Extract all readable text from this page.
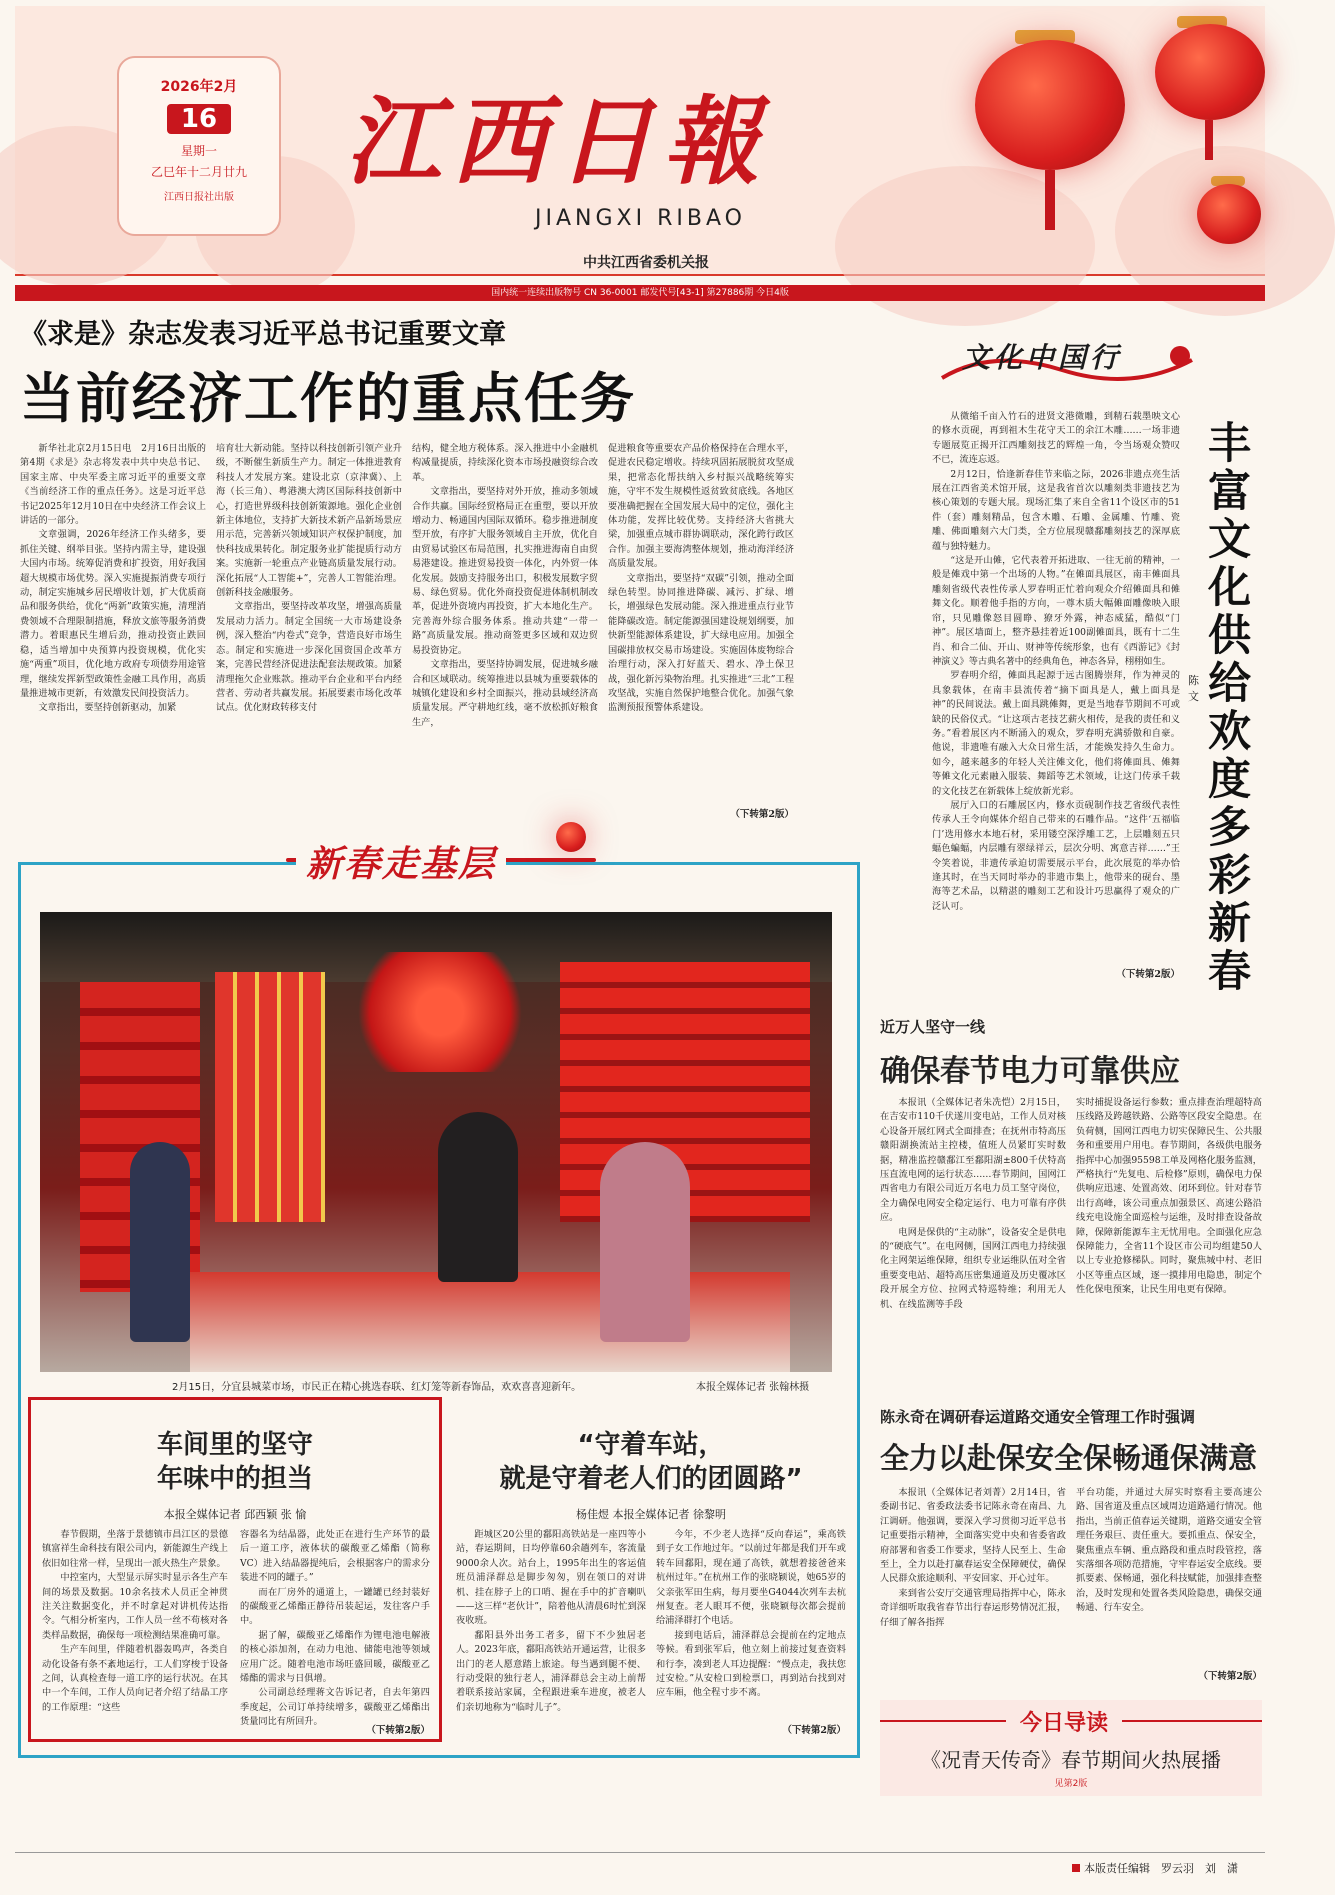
2026年2月
16
星期一
乙巳年十二月廿九
江西日报社出版	江西日報
JIANGXI RIBAO
中共江西省委机关报
国内统一连续出版物号 CN 36-0001 邮发代号[43-1] 第27886期 今日4版
《求是》杂志发表习近平总书记重要文章
当前经济工作的重点任务

新华社北京2月15日电　2月16日出版的第4期《求是》杂志将发表中共中央总书记、国家主席、中央军委主席习近平的重要文章《当前经济工作的重点任务》。这是习近平总书记2025年12月10日在中央经济工作会议上讲话的一部分。

文章强调，2026年经济工作头绪多，要抓住关键、纲举目张。坚持内需主导，建设强大国内市场。统筹促消费和扩投资，用好我国超大规模市场优势。深入实施提振消费专项行动，制定实施城乡居民增收计划，扩大优质商品和服务供给，优化“两新”政策实施，清理消费领域不合理限制措施，释放文旅等服务消费潜力。着眼惠民生增后劲，推动投资止跌回稳，适当增加中央预算内投资规模，优化实施“两重”项目，优化地方政府专项债券用途管理，继续发挥新型政策性金融工具作用，高质量推进城市更新，有效激发民间投资活力。

文章指出，要坚持创新驱动，加紧

培育壮大新动能。坚持以科技创新引领产业升级，不断催生新质生产力。制定一体推进教育科技人才发展方案。建设北京（京津冀）、上海（长三角）、粤港澳大湾区国际科技创新中心，打造世界级科技创新策源地。强化企业创新主体地位，支持扩大新技术新产品新场景应用示范，完善新兴领域知识产权保护制度，加快科技成果转化。制定服务业扩能提质行动方案。实施新一轮重点产业链高质量发展行动。深化拓展“人工智能+”，完善人工智能治理。创新科技金融服务。

文章指出，要坚持改革攻坚，增强高质量发展动力活力。制定全国统一大市场建设条例，深入整治“内卷式”竞争，营造良好市场生态。制定和实施进一步深化国资国企改革方案，完善民营经济促进法配套法规政策。加紧清理拖欠企业账款。推动平台企业和平台内经营者、劳动者共赢发展。拓展要素市场化改革试点。优化财政转移支付

结构，健全地方税体系。深入推进中小金融机构减量提质，持续深化资本市场投融资综合改革。

文章指出，要坚持对外开放，推动多领域合作共赢。国际经贸格局正在重塑，要以开放增动力、畅通国内国际双循环。稳步推进制度型开放，有序扩大服务领域自主开放，优化自由贸易试验区布局范围，扎实推进海南自由贸易港建设。推进贸易投资一体化，内外贸一体化发展。鼓励支持服务出口，积极发展数字贸易、绿色贸易。优化外商投资促进体制机制改革，促进外资境内再投资，扩大本地化生产。完善海外综合服务体系。推动共建“一带一路”高质量发展。推动商签更多区域和双边贸易投资协定。

文章指出，要坚持协调发展，促进城乡融合和区域联动。统筹推进以县城为重要载体的城镇化建设和乡村全面振兴，推动县域经济高质量发展。严守耕地红线，毫不放松抓好粮食生产，

促进粮食等重要农产品价格保持在合理水平，促进农民稳定增收。持续巩固拓展脱贫攻坚成果，把常态化帮扶纳入乡村振兴战略统筹实施，守牢不发生规模性返贫致贫底线。各地区要准确把握在全国发展大局中的定位，强化主体功能，发挥比较优势。支持经济大省挑大梁，加强重点城市群协调联动，深化跨行政区合作。加强主要海湾整体规划，推动海洋经济高质量发展。

文章指出，要坚持“双碳”引领，推动全面绿色转型。协同推进降碳、减污、扩绿、增长，增强绿色发展动能。深入推进重点行业节能降碳改造。制定能源强国建设规划纲要，加快新型能源体系建设，扩大绿电应用。加强全国碳排放权交易市场建设。实施固体废物综合治理行动，深入打好蓝天、碧水、净土保卫战，强化新污染物治理。扎实推进“三北”工程攻坚战，实施自然保护地整合优化。加强气象监测预报预警体系建设。

（下转第2版）
文化中国行

从微缩千亩入竹石的进贤文港微雕，到精石载墨映文心的修水贡砚，再到祖木生花守天工的余江木雕……一场非遗专题展览正揭开江西雕刻技艺的辉煌一角，令当场观众赞叹不已，流连忘返。

2月12日，恰逢新春佳节来临之际，2026非遗点亮生活展在江西省美术馆开展，这是我省首次以雕刻类非遗技艺为核心策划的专题大展。现场汇集了来自全省11个设区市的51件（套）雕刻精品，包含木雕、石雕、金属雕、竹雕、瓷雕、佛面雕刻六大门类，全方位展现赣鄱雕刻技艺的深厚底蕴与独特魅力。

“这是开山傩，它代表着开拓进取、一往无前的精神，一般是傩戏中第一个出场的人物。”在傩面具展区，南丰傩面具雕刻省级代表性传承人罗春明正忙着向观众介绍傩面具和傩舞文化。顺着他手指的方向，一尊木质大幅傩面雕像映入眼帘，只见雕像怒目圆睁、獠牙外露，神态威猛，酷似“门神”。展区墙面上，整齐悬挂着近100副傩面具，既有十二生肖、和合二仙、开山、财神等传统形象，也有《西游记》《封神演义》等古典名著中的经典角色，神态各异，栩栩如生。

罗春明介绍，傩面具起源于远古图腾崇拜，作为神灵的具象载体，在南丰县流传着“摘下面具是人，戴上面具是神”的民间说法。戴上面具跳傩舞，更是当地春节期间不可或缺的民俗仪式。“让这项古老技艺薪火相传，是我的责任和义务。”看着展区内不断涌入的观众，罗春明充满骄傲和自豪。他说，非遗唯有融入大众日常生活，才能焕发持久生命力。如今，越来越多的年轻人关注傩文化，他们将傩面具、傩舞等傩文化元素融入服装、舞蹈等艺术领域，让这门传承千载的文化技艺在新载体上绽放新光彩。

展厅入口的石雕展区内，修水贡砚制作技艺省级代表性传承人王令向媒体介绍自己带来的石雕作品。“这件‘五福临门’选用修水本地石材，采用镂空深浮雕工艺，上层雕刻五只蝠色蝙蝠，内层雕有翠绿祥云，层次分明、寓意吉祥……”王令笑着说，非遗传承迫切需要展示平台，此次展览的举办恰逢其时，在当天同时举办的非遗市集上，他带来的砚台、墨海等艺术品，以精湛的雕刻工艺和设计巧思赢得了观众的广泛认可。

（下转第2版）
陈　文
丰富文化供给　欢度多彩新春
新春走基层
2月15日，分宜县城菜市场，市民正在精心挑选春联、红灯笼等新春饰品，欢欢喜喜迎新年。	本报全媒体记者 张翰林摄
车间里的坚守
年味中的担当
本报全媒体记者 邱西颖 张 愉

春节假期，坐落于景德镇市昌江区的景德镇富祥生命科技有限公司内，新能源生产线上依旧如往常一样，呈现出一派火热生产景象。

中控室内，大型显示屏实时显示各生产车间的场景及数据。10余名技术人员正全神贯注关注数据变化，并不时拿起对讲机传达指令。气相分析室内，工作人员一丝不苟核对各类样品数据，确保每一项检测结果准确可靠。

生产车间里，伴随着机器轰鸣声，各类自动化设备有条不紊地运行，工人们穿梭于设备之间，认真检查每一道工序的运行状况。在其中一个车间，工作人员向记者介绍了结晶工序的工作原理：“这些

容器名为结晶器，此处正在进行生产环节的最后一道工序，液体状的碳酸亚乙烯酯（简称VC）进入结晶器提纯后，会根据客户的需求分装进不同的罐子。”

而在厂房外的通道上，一罐罐已经封装好的碳酸亚乙烯酯正静待吊装起运，发往客户手中。

据了解，碳酸亚乙烯酯作为锂电池电解液的核心添加剂，在动力电池、储能电池等领域应用广泛。随着电池市场旺盛回暖，碳酸亚乙烯酯的需求与日俱增。

公司副总经理蒋文告诉记者，自去年第四季度起，公司订单持续增多，碳酸亚乙烯酯出货量同比有所回升。

（下转第2版）
“守着车站，
就是守着老人们的团圆路”
杨佳煜 本报全媒体记者 徐黎明

距城区20公里的鄱阳高铁站是一座四等小站，春运期间，日均停靠60余趟列车，客流量9000余人次。站台上，1995年出生的客运值班员浦泽群总是脚步匆匆，别在领口的对讲机、挂在脖子上的口哨、握在手中的扩音喇叭——这三样“老伙计”，陪着他从清晨6时忙到深夜收班。

鄱阳县外出务工者多，留下不少独居老人。2023年底，鄱阳高铁站开通运营，让很多出门的老人愿意踏上旅途。每当遇到腿不便、行动受限的独行老人，浦泽群总会主动上前帮着联系接站家属，全程跟进乘车进度，被老人们亲切地称为“临时儿子”。

今年，不少老人选择“反向春运”，乘高铁到子女工作地过年。“以前过年都是我们开车或转车回鄱阳，现在通了高铁，就想着接爸爸来杭州过年。”在杭州工作的张晓颖说，她65岁的父亲张军田生病，每月要坐G4044次列车去杭州复查。老人眼耳不便，张晓颖每次都会提前给浦泽群打个电话。

接到电话后，浦泽群总会提前在约定地点等候。看到张军后，他立刻上前接过复查资料和行李，凑到老人耳边提醒：“慢点走，我扶您过安检。”从安检口到检票口，再到站台找到对应车厢，他全程寸步不离。

（下转第2版）
近万人坚守一线
确保春节电力可靠供应

本报讯（全媒体记者朱冼恺）2月15日，在吉安市110千伏遂川变电站，工作人员对核心设备开展红网式全面排查；在抚州市特高压赣阳湖换流站主控楼，值班人员紧盯实时数据，精准监控赣鄱江至鄱阳湖±800千伏特高压直流电网的运行状态……春节期间，国网江西省电力有限公司近万名电力员工坚守岗位，全力确保电网安全稳定运行、电力可靠有序供应。

电网是保供的“主动脉”，设备安全是供电的“硬底气”。在电网侧，国网江西电力持续强化主网架运维保障，组织专业运维队伍对全省重要变电站、超特高压密集通道及历史覆冰区段开展全方位、拉网式特巡特维；利用无人机、在线监测等手段

实时捕捉设备运行参数；重点排查治理超特高压线路及跨越铁路、公路等区段安全隐患。在负荷侧，国网江西电力切实保障民生、公共服务和重要用户用电。春节期间，各级供电服务指挥中心加强95598工单及网格化服务监测，严格执行“先复电、后检修”原则，确保电力保供响应迅速、处置高效、闭环到位。针对春节出行高峰，该公司重点加强景区、高速公路沿线充电设施全面巡检与运维，及时排查设备故障，保障新能源车主无忧用电。全面强化应急保障能力，全省11个设区市公司均组建50人以上专业抢修梯队。同时，聚焦城中村、老旧小区等重点区域，逐一摸排用电隐患，制定个性化保电预案，让民生用电更有保障。

陈永奇在调研春运道路交通安全管理工作时强调
全力以赴保安全保畅通保满意

本报讯（全媒体记者刘菁）2月14日，省委副书记、省委政法委书记陈永奇在南昌、九江调研。他强调，要深入学习贯彻习近平总书记重要指示精神，全面落实党中央和省委省政府部署和省委工作要求，坚持人民至上、生命至上，全力以赴打赢春运安全保障硬仗，确保人民群众旅途顺利、平安回家、开心过年。

来到省公安厅交通管理局指挥中心，陈永奇详细听取我省春节出行春运形势情况汇报，仔细了解各指挥

平台功能，并通过大屏实时察看主要高速公路、国省道及重点区域周边道路通行情况。他指出，当前正值春运关键期，道路交通安全管理任务艰巨、责任重大。要抓重点、保安全，聚焦重点车辆、重点路段和重点时段管控，落实落细各项防范措施，守牢春运安全底线。要抓要素、保畅通，强化科技赋能，加强排查整治，及时发现和处置各类风险隐患，确保交通畅通、行车安全。

（下转第2版）
今日导读
《况青天传奇》春节期间火热展播
见第2版
本版责任编辑　罗云羽　刘　潇
